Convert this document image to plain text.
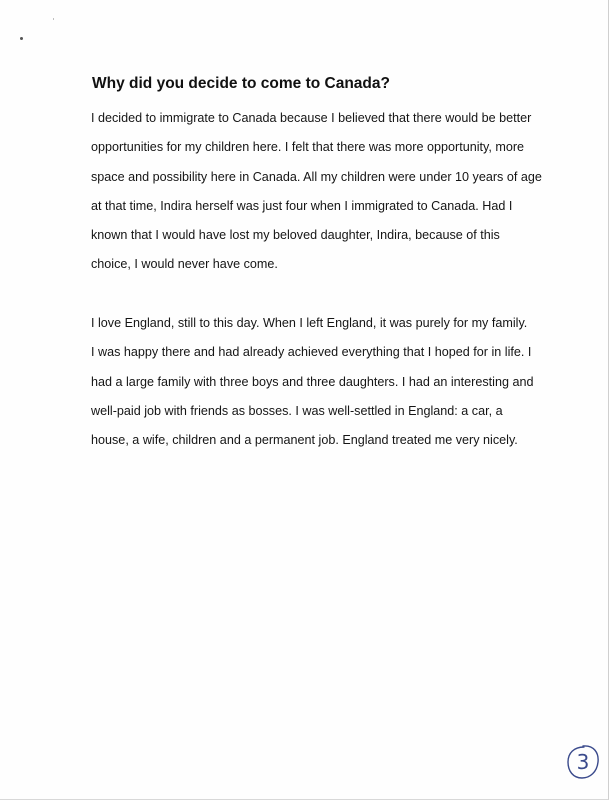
Why did you decide to come to Canada?

I decided to immigrate to Canada because I believed that there would be better
opportunities for my children here. I felt that there was more opportunity, more
space and possibility here in Canada. All my children were under 10 years of age
at that time, Indira herself was just four when I immigrated to Canada. Had I
known that I would have lost my beloved daughter, Indira, because of this
choice, I would never have come.

I love England, still to this day. When I left England, it was purely for my family.
I was happy there and had already achieved everything that I hoped for in life. I
had a large family with three boys and three daughters. I had an interesting and
well-paid job with friends as bosses. I was well-settled in England: a car, a
house, a wife, children and a permanent job. England treated me very nicely.

3
